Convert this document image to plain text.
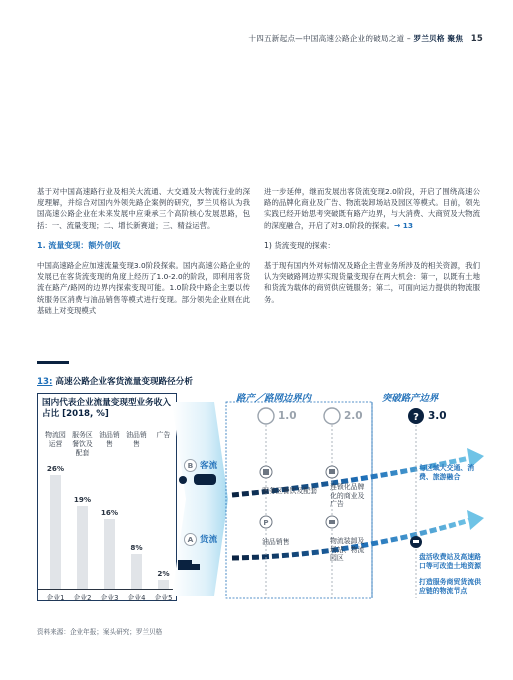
十四五新起点—中国高速公路企业的破局之道 – 罗兰贝格 聚焦 15

基于对中国高速路行业及相关大流通、大交通及大物流行业的深度理解，并综合对国内外领先路企案例的研究，罗兰贝格认为我国高速公路企业在未来发展中应秉承三个高阶核心发展思路，包括：一、流量变现；二、增长新赛道；三、精益运营。

1. 流量变现：额外创收

中国高速路企应加速流量变现3.0阶段探索。国内高速公路企业的发展已在客货流变现的角度上经历了1.0-2.0的阶段，即利用客货流在路产/路网的边界内探索变现可能。1.0阶段中路企主要以传统服务区消费与油品销售等模式进行变现。部分领先企业则在此基础上对变现模式

进一步延伸，继而发展出客货流变现2.0阶段，开启了围绕高速公路的品牌化商业及广告、物流装卸场站及园区等模式。目前，领先实践已经开始思考突破既有路产边界，与大消费、大商贸及大物流的深度融合，开启了对3.0阶段的探索。→ 13

1) 货流变现的探索：

基于现有国内外对标情况及路企主营业务所涉及的相关资源，我们认为突破路网边界实现货量变现存在两大机会：第一，以既有土地和货流为载体的商贸供应链服务；第二，可面向运力提供的物流服务。

13: 高速公路企业客货流量变现路径分析
国内代表企业流量变现型业务收入占比 [2018, %]
26%
物流园运营
企业1
19%
服务区餐饮及配套
企业2
16%
油品销售
企业3
8%
油品销售
企业4
2%
广告
企业5
?
P
路产／路网边界内	突破路产边界
1.0	2.0	3.0
B 客流
A 货流
服务区餐饮及配套	连锁化品牌化的商业及广告
与区域大交通、消费、旅游融合
油品销售	物流装卸及场站、物流园区	盘活收费站及高速路口等可改造土地资源
打造服务商贸货流供应链的物流节点
资料来源：企业年报；案头研究；罗兰贝格
